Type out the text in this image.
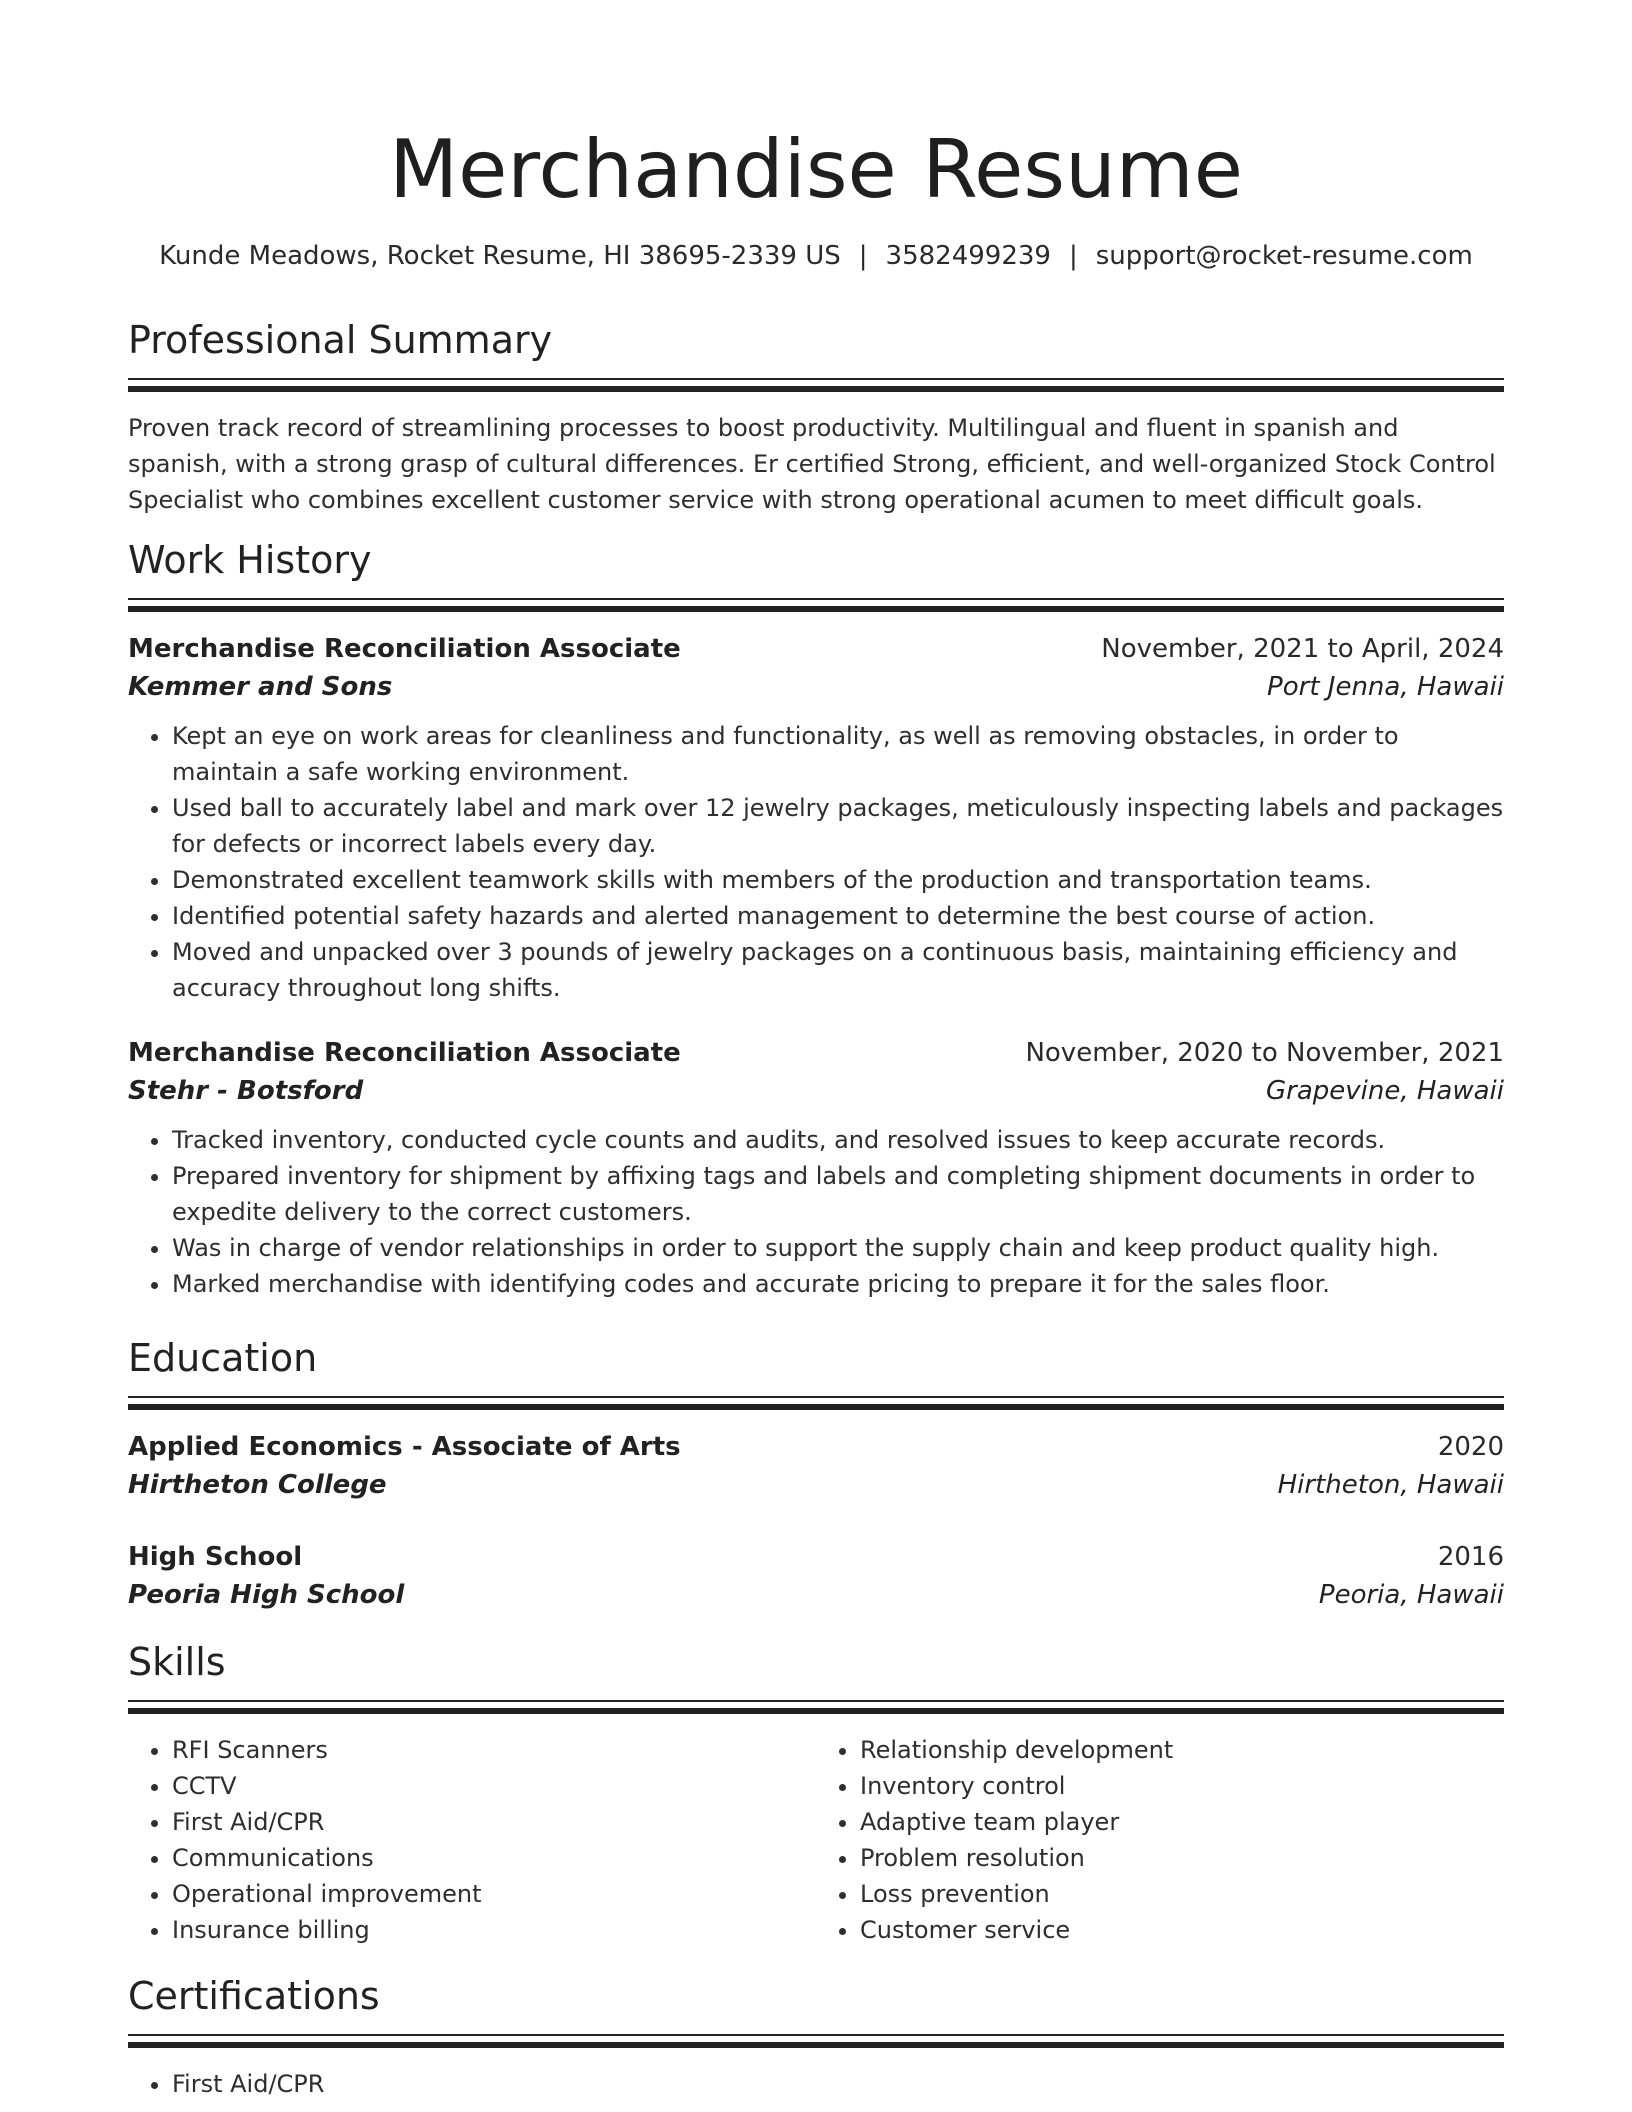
Merchandise Resume
Kunde Meadows, Rocket Resume, HI 38695-2339 US | 3582499239 | support@rocket-resume.com
Professional Summary

Proven track record of streamlining processes to boost productivity. Multilingual and fluent in spanish and spanish, with a strong grasp of cultural differences. Er certified Strong, efficient, and well-organized Stock Control Specialist who combines excellent customer service with strong operational acumen to meet difficult goals.

Work History
Merchandise Reconciliation Associate	November, 2021 to April, 2024
Kemmer and Sons	Port Jenna, Hawaii
• Kept an eye on work areas for cleanliness and functionality, as well as removing obstacles, in order to maintain a safe working environment.
• Used ball to accurately label and mark over 12 jewelry packages, meticulously inspecting labels and packages for defects or incorrect labels every day.
• Demonstrated excellent teamwork skills with members of the production and transportation teams.
• Identified potential safety hazards and alerted management to determine the best course of action.
• Moved and unpacked over 3 pounds of jewelry packages on a continuous basis, maintaining efficiency and accuracy throughout long shifts.
Merchandise Reconciliation Associate	November, 2020 to November, 2021
Stehr - Botsford	Grapevine, Hawaii
• Tracked inventory, conducted cycle counts and audits, and resolved issues to keep accurate records.
• Prepared inventory for shipment by affixing tags and labels and completing shipment documents in order to expedite delivery to the correct customers.
• Was in charge of vendor relationships in order to support the supply chain and keep product quality high.
• Marked merchandise with identifying codes and accurate pricing to prepare it for the sales floor.
Education
Applied Economics - Associate of Arts	2020
Hirtheton College	Hirtheton, Hawaii
High School	2016
Peoria High School	Peoria, Hawaii
Skills
• RFI Scanners
• CCTV
• First Aid/CPR
• Communications
• Operational improvement
• Insurance billing
• Relationship development
• Inventory control
• Adaptive team player
• Problem resolution
• Loss prevention
• Customer service
Certifications
• First Aid/CPR
